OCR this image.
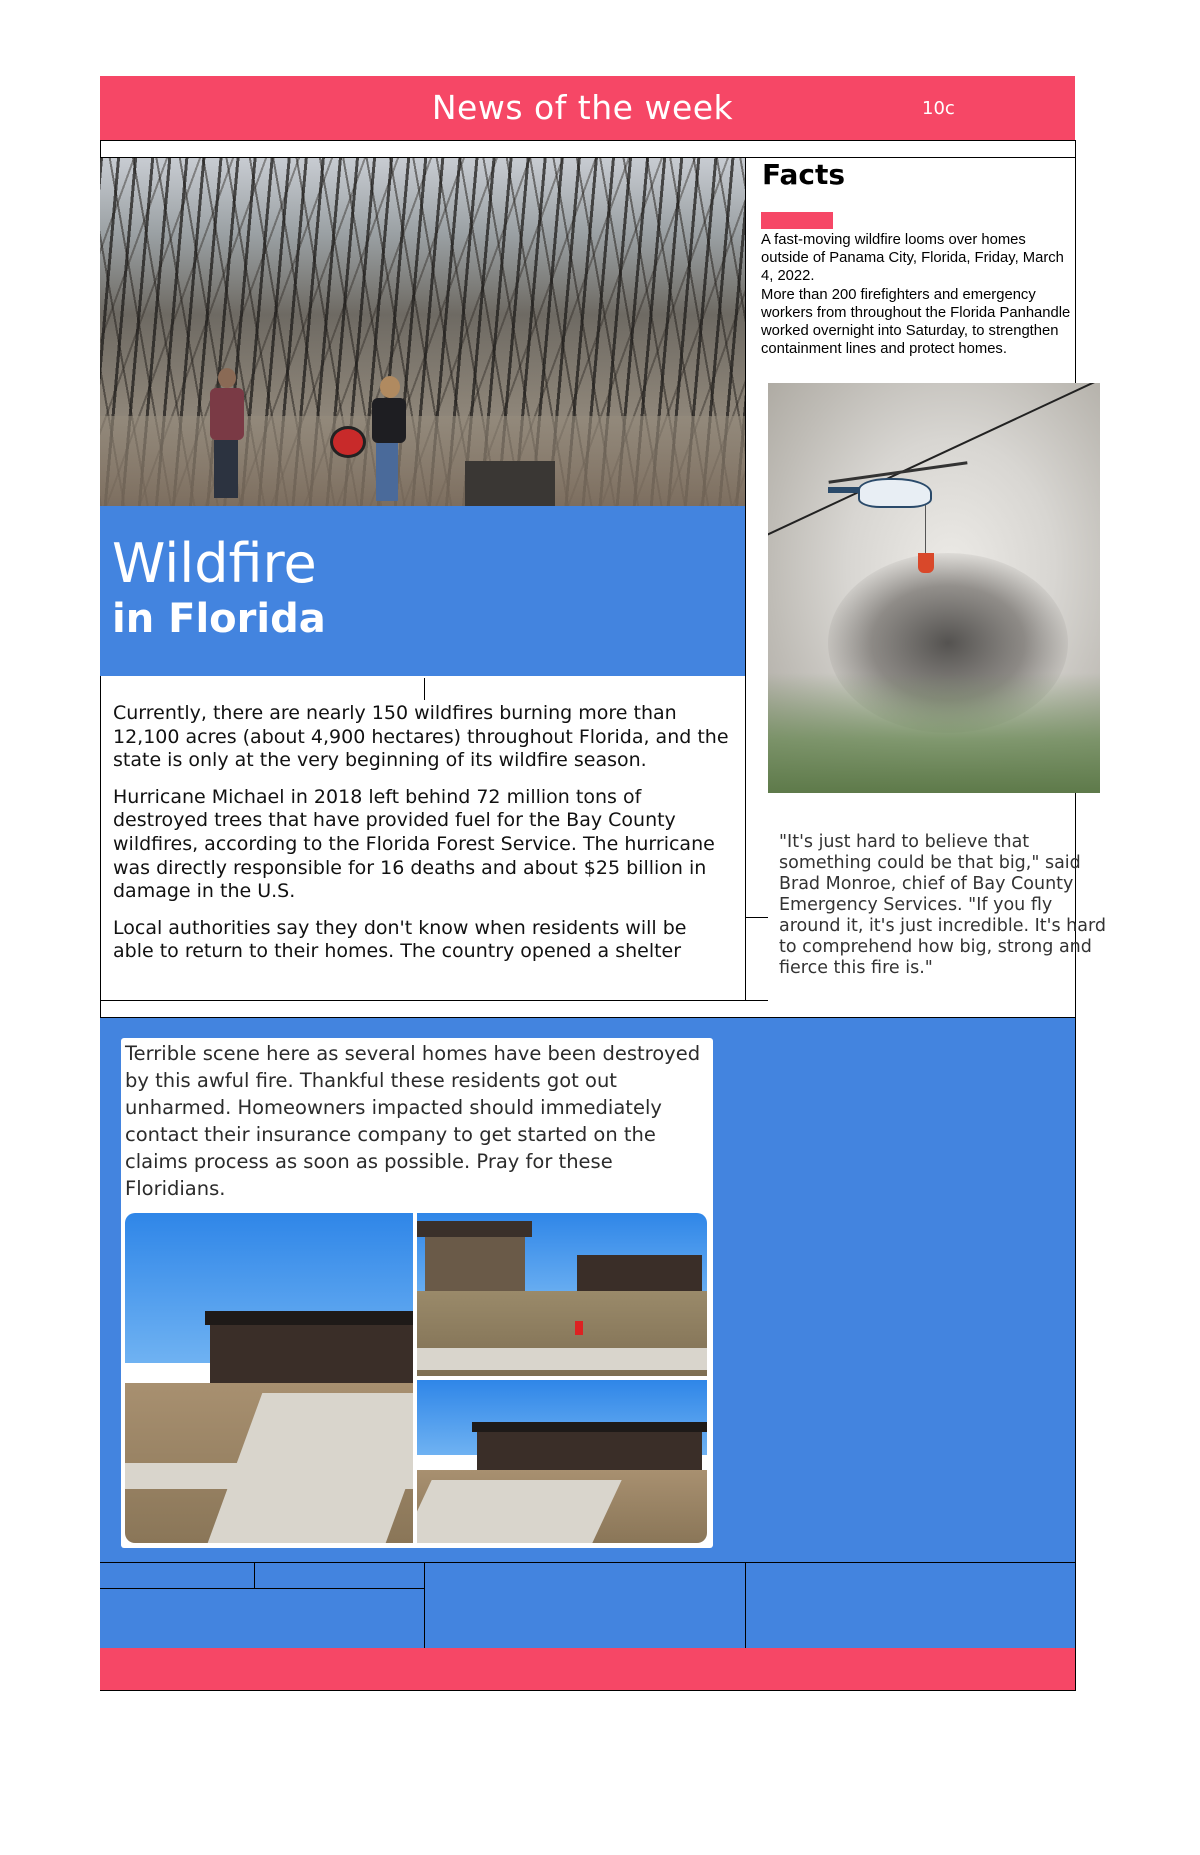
News of the week	10c
Wildfire
in Florida
Facts
A fast-moving wildfire looms over homes outside of Panama City, Florida, Friday, March 4, 2022.
More than 200 firefighters and emergency workers from throughout the Florida Panhandle worked overnight into Saturday, to strengthen containment lines and protect homes.

Currently, there are nearly 150 wildfires burning more than 12,100 acres (about 4,900 hectares) throughout Florida, and the state is only at the very beginning of its wildfire season.

Hurricane Michael in 2018 left behind 72 million tons of destroyed trees that have provided fuel for the Bay County wildfires, according to the Florida Forest Service. The hurricane was directly responsible for 16 deaths and about $25 billion in damage in the U.S.

Local authorities say they don't know when residents will be able to return to their homes. The country opened a shelter

"It's just hard to believe that something could be that big," said Brad Monroe, chief of Bay County Emergency Services. "If you fly around it, it's just incredible. It's hard to comprehend how big, strong and fierce this fire is."
Terrible scene here as several homes have been destroyed by this awful fire. Thankful these residents got out unharmed. Homeowners impacted should immediately contact their insurance company to get started on the claims process as soon as possible. Pray for these Floridians.
